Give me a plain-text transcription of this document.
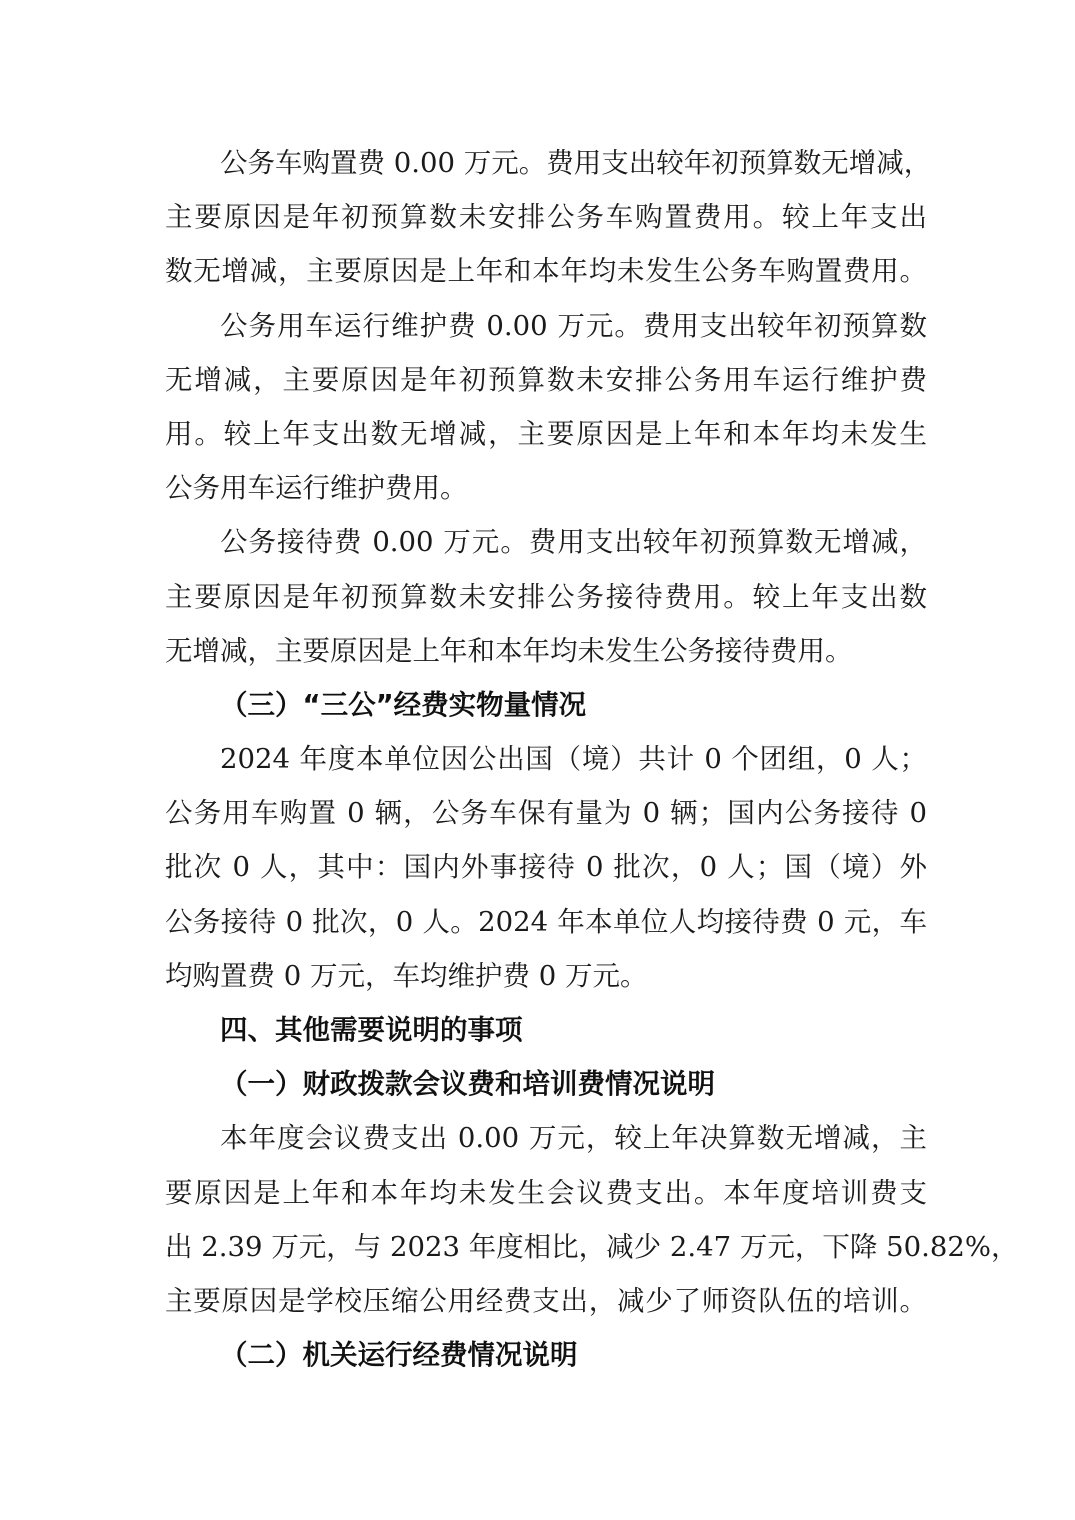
公务车购置费 0.00 万元。费用支出较年初预算数无增减，
主要原因是年初预算数未安排公务车购置费用。较上年支出
数无增减，主要原因是上年和本年均未发生公务车购置费用。
公务用车运行维护费 0.00 万元。费用支出较年初预算数
无增减，主要原因是年初预算数未安排公务用车运行维护费
用。较上年支出数无增减，主要原因是上年和本年均未发生
公务用车运行维护费用。
公务接待费 0.00 万元。费用支出较年初预算数无增减，
主要原因是年初预算数未安排公务接待费用。较上年支出数
无增减，主要原因是上年和本年均未发生公务接待费用。
（三）“三公”经费实物量情况
2024 年度本单位因公出国（境）共计 0 个团组，0 人；
公务用车购置 0 辆，公务车保有量为 0 辆；国内公务接待 0
批次 0 人，其中：国内外事接待 0 批次，0 人；国（境）外
公务接待 0 批次，0 人。2024 年本单位人均接待费 0 元，车
均购置费 0 万元，车均维护费 0 万元。
四、其他需要说明的事项
（一）财政拨款会议费和培训费情况说明
本年度会议费支出 0.00 万元，较上年决算数无增减，主
要原因是上年和本年均未发生会议费支出。本年度培训费支
出 2.39 万元，与 2023 年度相比，减少 2.47 万元，下降 50.82%，
主要原因是学校压缩公用经费支出，减少了师资队伍的培训。
（二）机关运行经费情况说明
